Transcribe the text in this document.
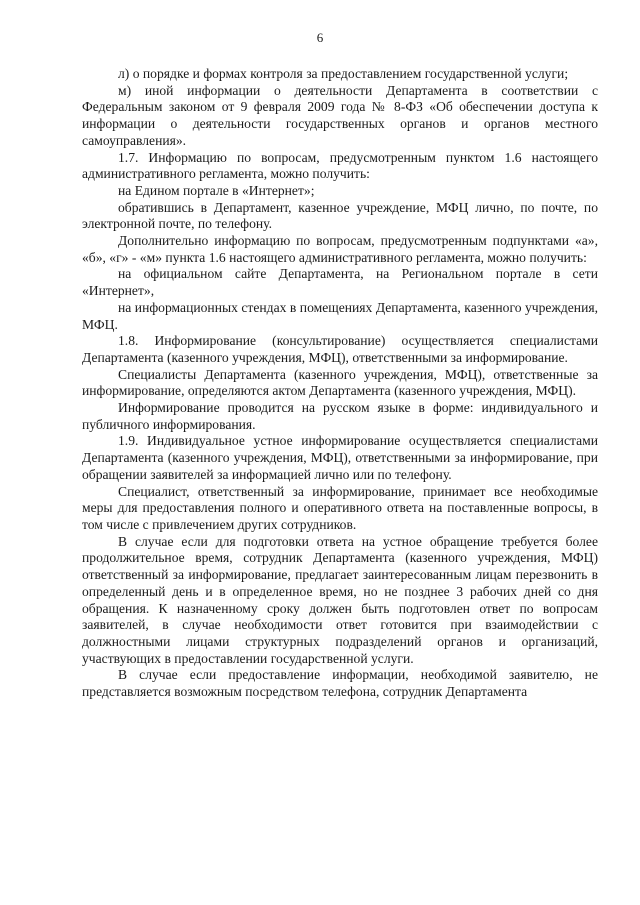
6

л) о порядке и формах контроля за предоставлением государственной услуги;

м) иной информации о деятельности Департамента в соответствии с Федеральным законом от 9 февраля 2009 года № 8-ФЗ «Об обеспечении доступа к информации о деятельности государственных органов и органов местного самоуправления».

1.7. Информацию по вопросам, предусмотренным пунктом 1.6 настоящего административного регламента, можно получить:

на Едином портале в «Интернет»;

обратившись в Департамент, казенное учреждение, МФЦ лично, по почте, по электронной почте, по телефону.

Дополнительно информацию по вопросам, предусмотренным подпунктами «а», «б», «г» - «м» пункта 1.6 настоящего административного регламента, можно получить:

на официальном сайте Департамента, на Региональном портале в сети «Интернет»,

на информационных стендах в помещениях Департамента, казенного учреждения, МФЦ.

1.8. Информирование (консультирование) осуществляется специалистами Департамента (казенного учреждения, МФЦ), ответственными за информирование.

Специалисты Департамента (казенного учреждения, МФЦ), ответственные за информирование, определяются актом Департамента (казенного учреждения, МФЦ).

Информирование проводится на русском языке в форме: индивидуального и публичного информирования.

1.9. Индивидуальное устное информирование осуществляется специалистами Департамента (казенного учреждения, МФЦ), ответственными за информирование, при обращении заявителей за информацией лично или по телефону.

Специалист, ответственный за информирование, принимает все необходимые меры для предоставления полного и оперативного ответа на поставленные вопросы, в том числе с привлечением других сотрудников.

В случае если для подготовки ответа на устное обращение требуется более продолжительное время, сотрудник Департамента (казенного учреждения, МФЦ) ответственный за информирование, предлагает заинтересованным лицам перезвонить в определенный день и в определенное время, но не позднее 3 рабочих дней со дня обращения. К назначенному сроку должен быть подготовлен ответ по вопросам заявителей, в случае необходимости ответ готовится при взаимодействии с должностными лицами структурных подразделений органов и организаций, участвующих в предоставлении государственной услуги.

В случае если предоставление информации, необходимой заявителю, не представляется возможным посредством телефона, сотрудник Департамента
